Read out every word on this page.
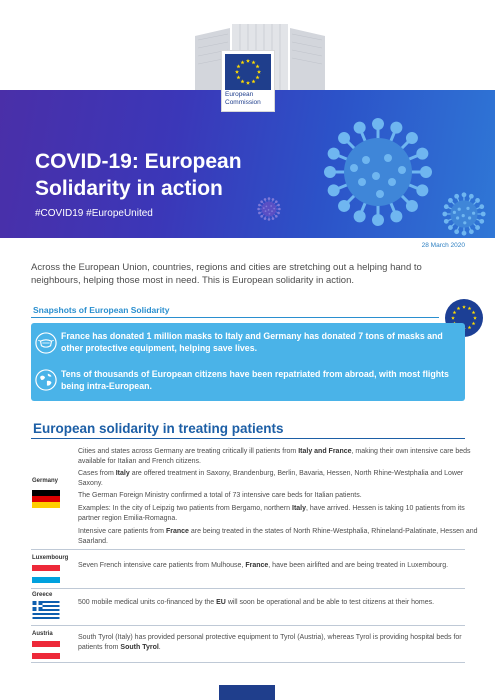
European
Commission
COVID-19: European
Solidarity in action
#COVID19 #EuropeUnited
28 March 2020
Across the European Union, countries, regions and cities are stretching out a helping hand to neighbours, helping those most in need. This is European solidarity in action.
Snapshots of European Solidarity
France has donated 1 million masks to Italy and Germany has donated 7 tons of masks and other protective equipment, helping save lives.
Tens of thousands of European citizens have been repatriated from abroad, with most flights being intra-European.
European solidarity in treating patients
Germany
Cities and states across Germany are treating critically ill patients from Italy and France, making their own intensive care beds available for Italian and French citizens.
Cases from Italy are offered treatment in Saxony, Brandenburg, Berlin, Bavaria, Hessen, North Rhine-Westphalia and Lower Saxony.
The German Foreign Ministry confirmed a total of 73 intensive care beds for Italian patients.
Examples: In the city of Leipzig two patients from Bergamo, northern Italy, have arrived. Hessen is taking 10 patients from its partner region Emilia-Romagna.
Intensive care patients from France are being treated in the states of North Rhine-Westphalia, Rhineland-Palatinate, Hessen and Saarland.
Luxembourg
Seven French intensive care patients from Mulhouse, France, have been airlifted and are being treated in Luxembourg.
Greece
500 mobile medical units co-financed by the EU will soon be operational and be able to test citizens at their homes.
Austria	South Tyrol (Italy) has provided personal protective equipment to Tyrol (Austria), whereas Tyrol is providing hospital beds for patients from South Tyrol.
